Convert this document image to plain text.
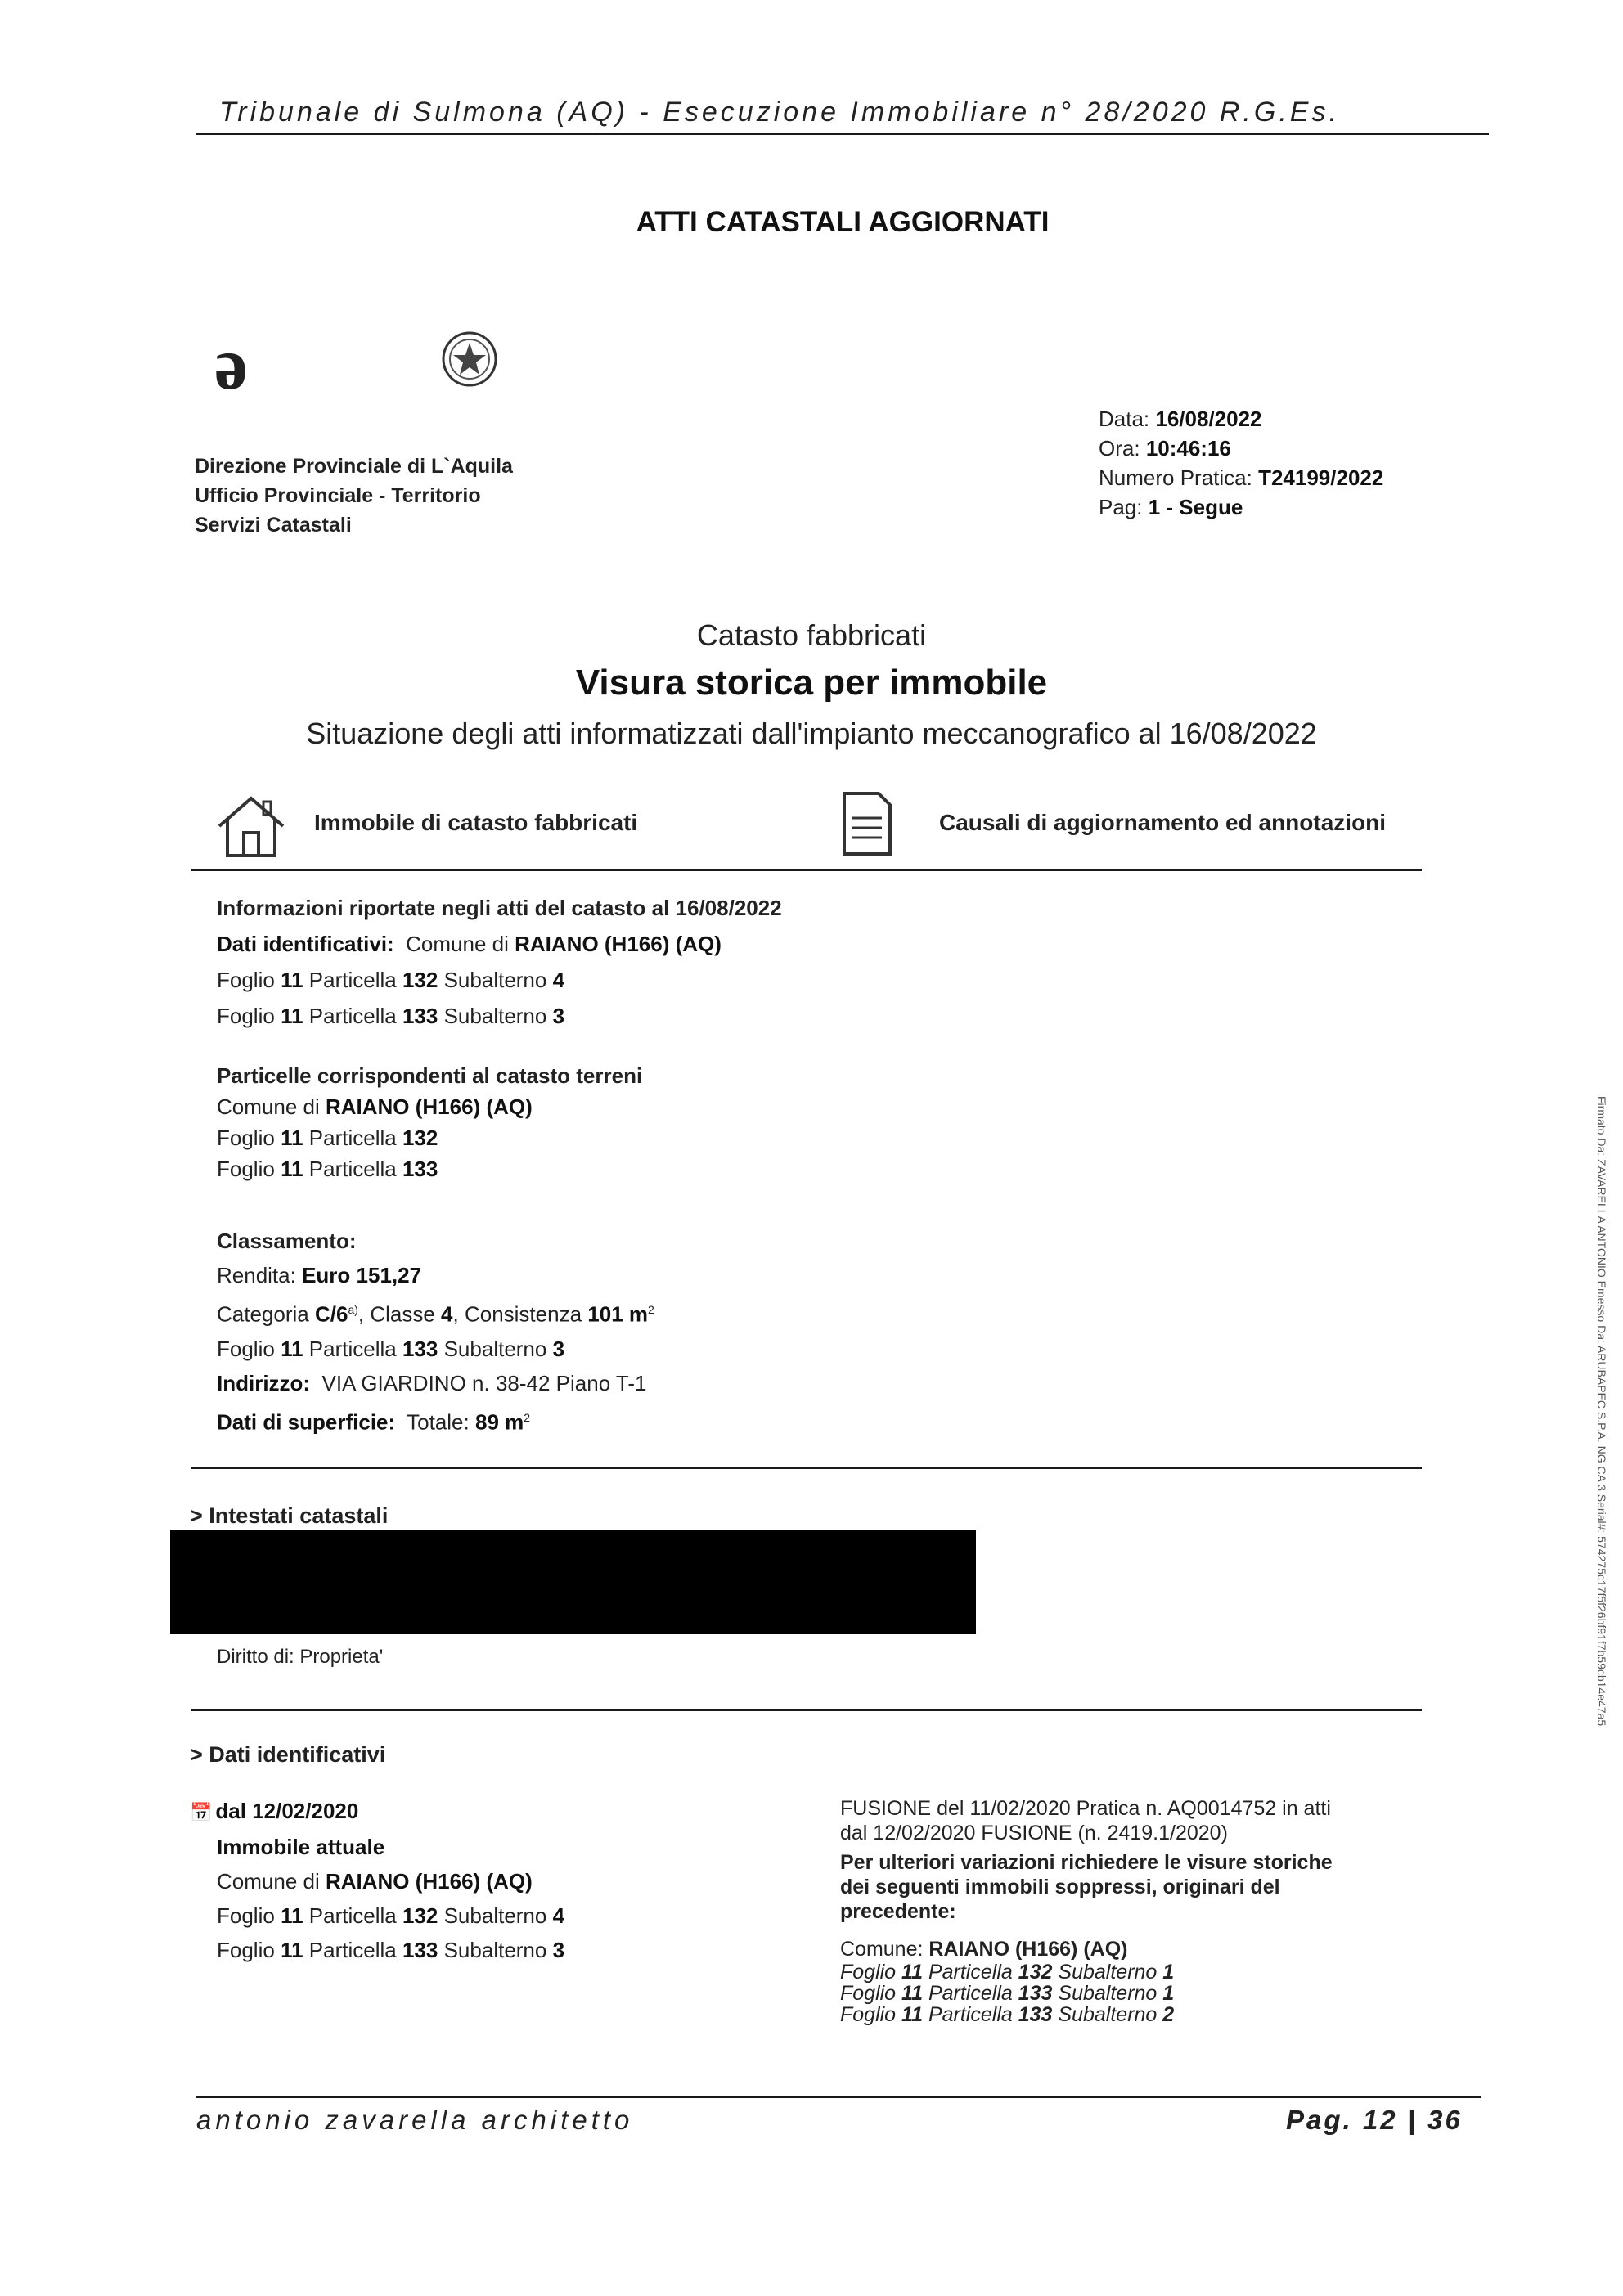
Tribunale di Sulmona (AQ) - Esecuzione Immobiliare n° 28/2020 R.G.Es.
ATTI CATASTALI AGGIORNATI
ə
Direzione Provinciale di L`Aquila
Ufficio Provinciale - Territorio
Servizi Catastali
Data: 16/08/2022
Ora: 10:46:16
Numero Pratica: T24199/2022
Pag: 1 - Segue
Catasto fabbricati
Visura storica per immobile
Situazione degli atti informatizzati dall'impianto meccanografico al 16/08/2022
Immobile di catasto fabbricati	Causali di aggiornamento ed annotazioni
Informazioni riportate negli atti del catasto al 16/08/2022
Dati identificativi: Comune di RAIANO (H166) (AQ)
Foglio 11 Particella 132 Subalterno 4
Foglio 11 Particella 133 Subalterno 3
Particelle corrispondenti al catasto terreni
Comune di RAIANO (H166) (AQ)
Foglio 11 Particella 132
Foglio 11 Particella 133
Classamento:
Rendita: Euro 151,27
Categoria C/6$^{a)}$, Classe 4, Consistenza 101 $m^2$
Foglio 11 Particella 133 Subalterno 3
Indirizzo: VIA GIARDINO n. 38-42 Piano T-1
Dati di superficie: Totale: 89 $m^2$
> Intestati catastali
Diritto di: Proprieta'
> Dati identificativi
📅 dal 12/02/2020
Immobile attuale
Comune di RAIANO (H166) (AQ)
Foglio 11 Particella 132 Subalterno 4
Foglio 11 Particella 133 Subalterno 3
FUSIONE del 11/02/2020 Pratica n. AQ0014752 in atti
dal 12/02/2020 FUSIONE (n. 2419.1/2020)
Per ulteriori variazioni richiedere le visure storiche
dei seguenti immobili soppressi, originari del
precedente:
Comune: RAIANO (H166) (AQ)
Foglio 11 Particella 132 Subalterno 1
Foglio 11 Particella 133 Subalterno 1
Foglio 11 Particella 133 Subalterno 2
antonio zavarella architetto	Pag. 12 | 36
Firmato Da: ZAVARELLA ANTONIO Emesso Da: ARUBAPEC S.P.A. NG CA 3 Serial#: 574275c17f5f26bf91f7b59cb14e47a5
